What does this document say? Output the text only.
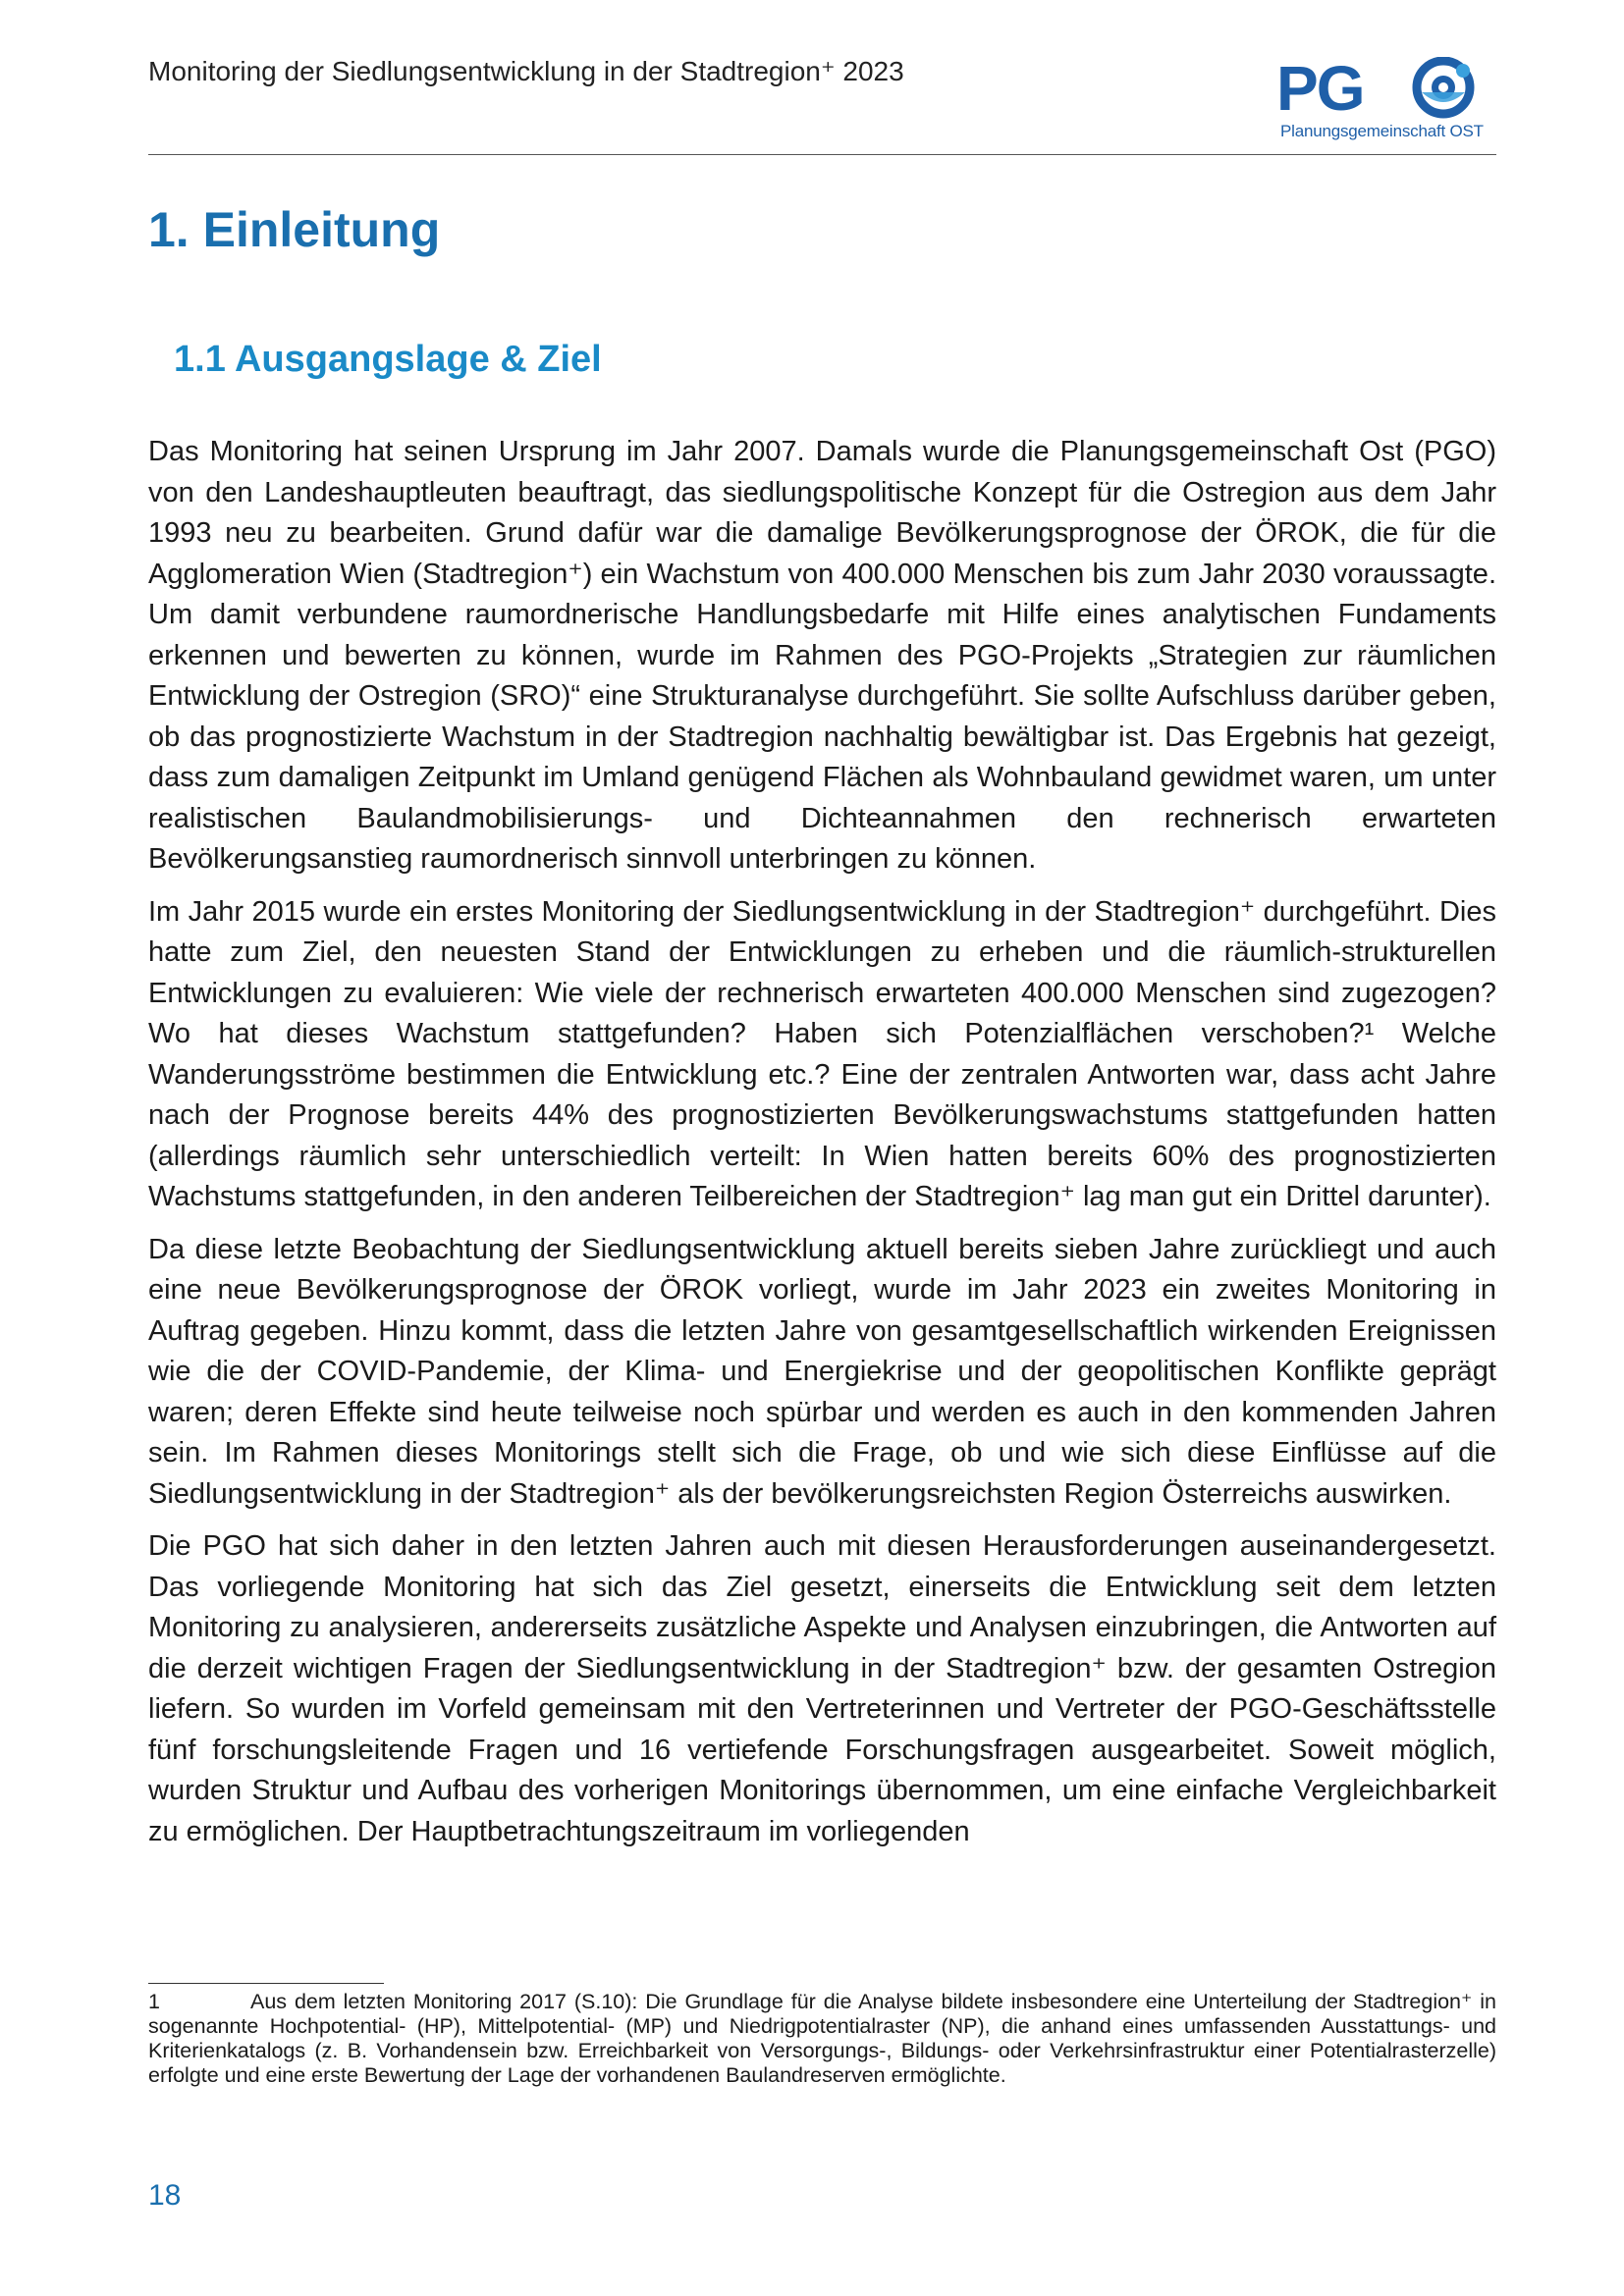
Monitoring der Siedlungsentwicklung in der Stadtregion⁺ 2023	PG
Planungsgemeinschaft OST
1. Einleitung
1.1 Ausgangslage & Ziel

Das Monitoring hat seinen Ursprung im Jahr 2007. Damals wurde die Planungsgemeinschaft Ost (PGO) von den Landeshauptleuten beauftragt, das siedlungspolitische Konzept für die Ostregion aus dem Jahr 1993 neu zu bearbeiten. Grund dafür war die damalige Bevölkerungsprognose der ÖROK, die für die Agglomeration Wien (Stadtregion⁺) ein Wachstum von 400.000 Menschen bis zum Jahr 2030 voraussagte. Um damit verbundene raumordnerische Handlungsbedarfe mit Hilfe eines analytischen Fundaments erkennen und bewerten zu können, wurde im Rahmen des PGO-Projekts „Strategien zur räumlichen Entwicklung der Ostregion (SRO)“ eine Strukturanalyse durchgeführt. Sie sollte Aufschluss darüber geben, ob das prognostizierte Wachstum in der Stadtregion nachhaltig bewältigbar ist. Das Ergebnis hat gezeigt, dass zum damaligen Zeitpunkt im Umland genügend Flächen als Wohnbauland gewidmet waren, um unter realistischen Baulandmobilisierungs- und Dichteannahmen den rechnerisch erwarteten Bevölkerungsanstieg raumordnerisch sinnvoll unterbringen zu können.

Im Jahr 2015 wurde ein erstes Monitoring der Siedlungsentwicklung in der Stadtregion⁺ durchgeführt. Dies hatte zum Ziel, den neuesten Stand der Entwicklungen zu erheben und die räumlich-strukturellen Entwicklungen zu evaluieren: Wie viele der rechnerisch erwarteten 400.000 Menschen sind zugezogen? Wo hat dieses Wachstum stattgefunden? Haben sich Potenzialflächen verschoben?¹ Welche Wanderungsströme bestimmen die Entwicklung etc.? Eine der zentralen Antworten war, dass acht Jahre nach der Prognose bereits 44% des prognostizierten Bevölkerungswachstums stattgefunden hatten (allerdings räumlich sehr unterschiedlich verteilt: In Wien hatten bereits 60% des prognostizierten Wachstums stattgefunden, in den anderen Teilbereichen der Stadtregion⁺ lag man gut ein Drittel darunter).

Da diese letzte Beobachtung der Siedlungsentwicklung aktuell bereits sieben Jahre zurückliegt und auch eine neue Bevölkerungsprognose der ÖROK vorliegt, wurde im Jahr 2023 ein zweites Monitoring in Auftrag gegeben. Hinzu kommt, dass die letzten Jahre von gesamtgesellschaftlich wirkenden Ereignissen wie die der COVID-Pandemie, der Klima- und Energiekrise und der geopolitischen Konflikte geprägt waren; deren Effekte sind heute teilweise noch spürbar und werden es auch in den kommenden Jahren sein. Im Rahmen dieses Monitorings stellt sich die Frage, ob und wie sich diese Einflüsse auf die Siedlungsentwicklung in der Stadtregion⁺ als der bevölkerungsreichsten Region Österreichs auswirken.

Die PGO hat sich daher in den letzten Jahren auch mit diesen Herausforderungen auseinandergesetzt. Das vorliegende Monitoring hat sich das Ziel gesetzt, einerseits die Entwicklung seit dem letzten Monitoring zu analysieren, andererseits zusätzliche Aspekte und Analysen einzubringen, die Antworten auf die derzeit wichtigen Fragen der Siedlungsentwicklung in der Stadtregion⁺ bzw. der gesamten Ostregion liefern. So wurden im Vorfeld gemeinsam mit den Vertreterinnen und Vertreter der PGO-Geschäftsstelle fünf forschungsleitende Fragen und 16 vertiefende Forschungsfragen ausgearbeitet. Soweit möglich, wurden Struktur und Aufbau des vorherigen Monitorings übernommen, um eine einfache Vergleichbarkeit zu ermöglichen. Der Hauptbetrachtungszeitraum im vorliegenden

1	Aus dem letzten Monitoring 2017 (S.10): Die Grundlage für die Analyse bildete insbesondere eine Unterteilung der Stadtregion⁺ in sogenannte Hochpotential- (HP), Mittelpotential- (MP) und Niedrigpotentialraster (NP), die anhand eines umfassenden Ausstattungs- und Kriterienkatalogs (z. B. Vorhandensein bzw. Erreichbarkeit von Versorgungs-, Bildungs- oder Verkehrsinfrastruktur einer Potentialrasterzelle) erfolgte und eine erste Bewertung der Lage der vorhandenen Baulandreserven ermöglichte.
18
